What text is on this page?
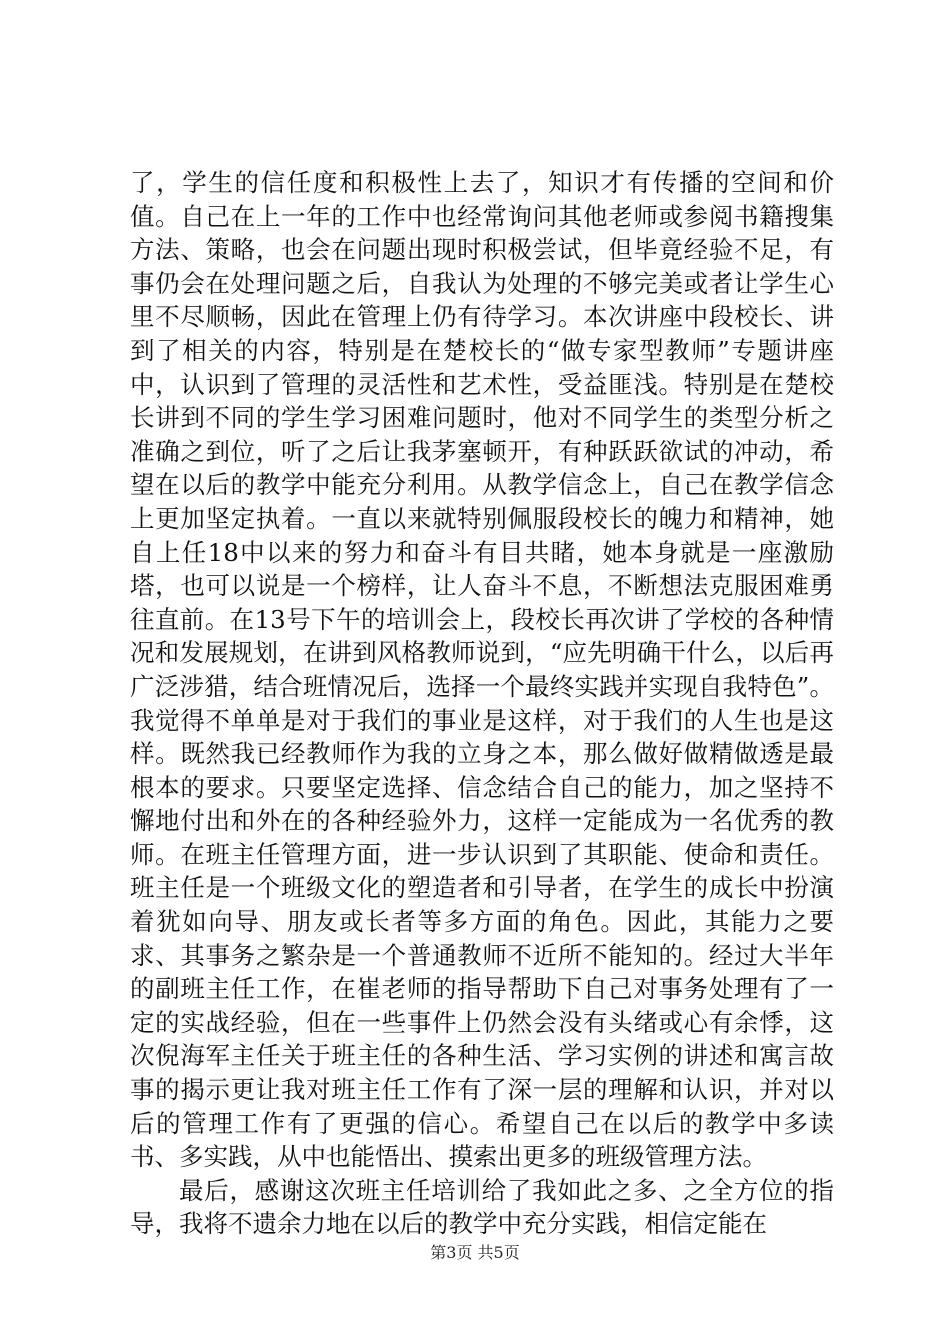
了，学生的信任度和积极性上去了，知识才有传播的空间和价值。自己在上一年的工作中也经常询问其他老师或参阅书籍搜集方法、策略，也会在问题出现时积极尝试，但毕竟经验不足，有事仍会在处理问题之后，自我认为处理的不够完美或者让学生心里不尽顺畅，因此在管理上仍有待学习。本次讲座中段校长、讲到了相关的内容，特别是在楚校长的“做专家型教师”专题讲座中，认识到了管理的灵活性和艺术性，受益匪浅。特别是在楚校长讲到不同的学生学习困难问题时，他对不同学生的类型分析之准确之到位，听了之后让我茅塞顿开，有种跃跃欲试的冲动，希望在以后的教学中能充分利用。从教学信念上，自己在教学信念上更加坚定执着。一直以来就特别佩服段校长的魄力和精神，她自上任18中以来的努力和奋斗有目共睹，她本身就是一座激励塔，也可以说是一个榜样，让人奋斗不息，不断想法克服困难勇往直前。在13号下午的培训会上，段校长再次讲了学校的各种情况和发展规划，在讲到风格教师说到，“应先明确干什么，以后再广泛涉猎，结合班情况后，选择一个最终实践并实现自我特色”。我觉得不单单是对于我们的事业是这样，对于我们的人生也是这样。既然我已经教师作为我的立身之本，那么做好做精做透是最根本的要求。只要坚定选择、信念结合自己的能力，加之坚持不懈地付出和外在的各种经验外力，这样一定能成为一名优秀的教师。在班主任管理方面，进一步认识到了其职能、使命和责任。班主任是一个班级文化的塑造者和引导者，在学生的成长中扮演着犹如向导、朋友或长者等多方面的角色。因此，其能力之要求、其事务之繁杂是一个普通教师不近所不能知的。经过大半年的副班主任工作，在崔老师的指导帮助下自己对事务处理有了一定的实战经验，但在一些事件上仍然会没有头绪或心有余悸，这次倪海军主任关于班主任的各种生活、学习实例的讲述和寓言故事的揭示更让我对班主任工作有了深一层的理解和认识，并对以后的管理工作有了更强的信心。希望自己在以后的教学中多读书、多实践，从中也能悟出、摸索出更多的班级管理方法。

最后，感谢这次班主任培训给了我如此之多、之全方位的指导，我将不遗余力地在以后的教学中充分实践，相信定能在

第3页 共5页
